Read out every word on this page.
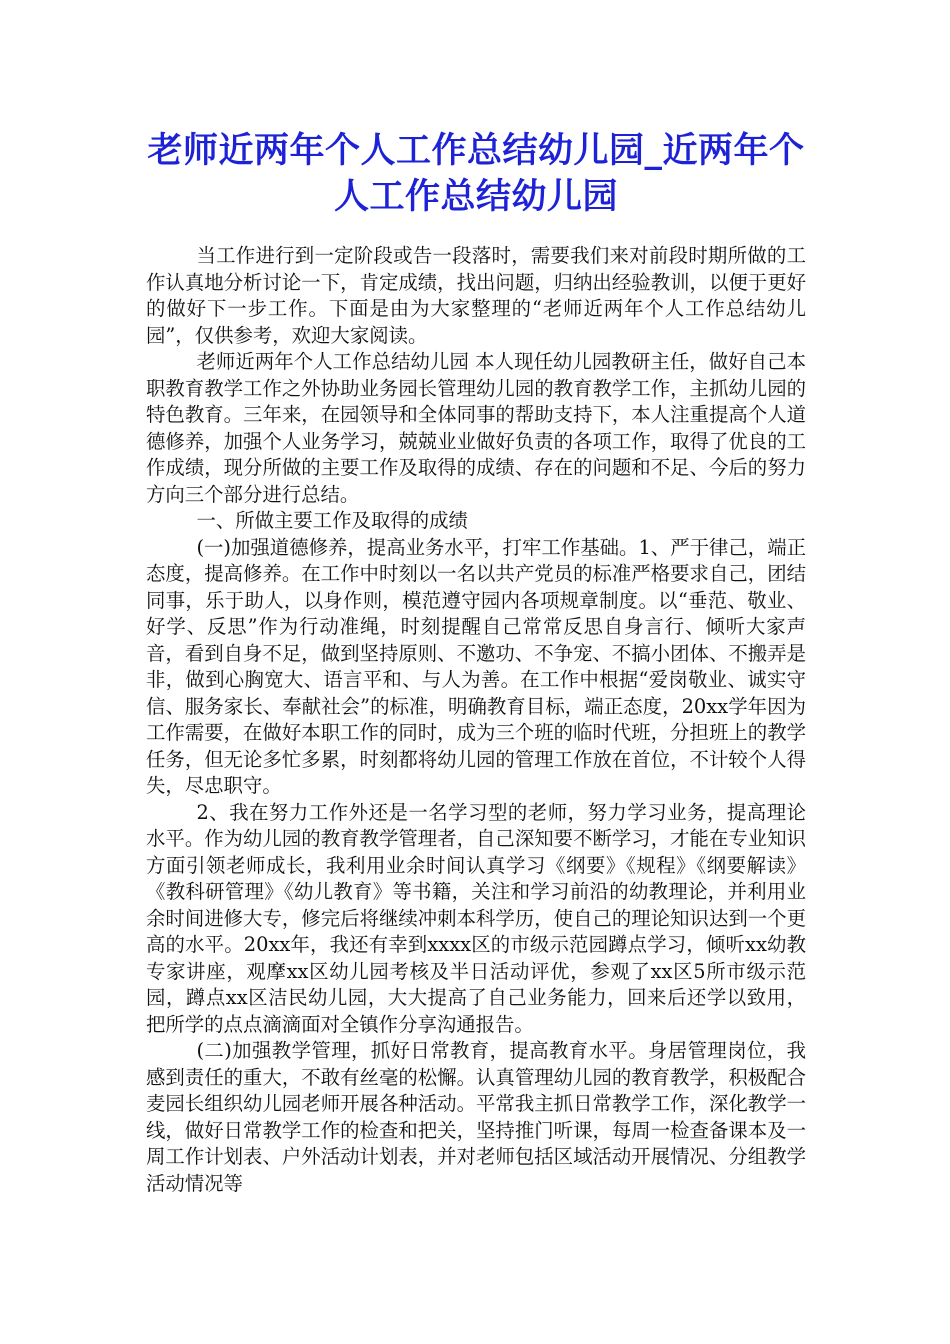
老师近两年个人工作总结幼儿园_近两年个人工作总结幼儿园

当工作进行到一定阶段或告一段落时，需要我们来对前段时期所做的工作认真地分析讨论一下，肯定成绩，找出问题，归纳出经验教训，以便于更好的做好下一步工作。下面是由为大家整理的“老师近两年个人工作总结幼儿园”，仅供参考，欢迎大家阅读。

老师近两年个人工作总结幼儿园 本人现任幼儿园教研主任，做好自己本职教育教学工作之外协助业务园长管理幼儿园的教育教学工作，主抓幼儿园的特色教育。三年来，在园领导和全体同事的帮助支持下，本人注重提高个人道德修养，加强个人业务学习，兢兢业业做好负责的各项工作，取得了优良的工作成绩，现分所做的主要工作及取得的成绩、存在的问题和不足、今后的努力方向三个部分进行总结。

一、所做主要工作及取得的成绩

(一)加强道德修养，提高业务水平，打牢工作基础。1、严于律己，端正态度，提高修养。在工作中时刻以一名以共产党员的标准严格要求自己，团结同事，乐于助人，以身作则，模范遵守园内各项规章制度。以“垂范、敬业、好学、反思”作为行动准绳，时刻提醒自己常常反思自身言行、倾听大家声音，看到自身不足，做到坚持原则、不邀功、不争宠、不搞小团体、不搬弄是非，做到心胸宽大、语言平和、与人为善。在工作中根据“爱岗敬业、诚实守信、服务家长、奉献社会”的标准，明确教育目标，端正态度，20xx学年因为工作需要，在做好本职工作的同时，成为三个班的临时代班，分担班上的教学任务，但无论多忙多累，时刻都将幼儿园的管理工作放在首位，不计较个人得失，尽忠职守。

2、我在努力工作外还是一名学习型的老师，努力学习业务，提高理论水平。作为幼儿园的教育教学管理者，自己深知要不断学习，才能在专业知识方面引领老师成长，我利用业余时间认真学习《纲要》《规程》《纲要解读》《教科研管理》《幼儿教育》等书籍，关注和学习前沿的幼教理论，并利用业余时间进修大专，修完后将继续冲刺本科学历，使自己的理论知识达到一个更高的水平。20xx年，我还有幸到xxxx区的市级示范园蹲点学习，倾听xx幼教专家讲座，观摩xx区幼儿园考核及半日活动评优，参观了xx区5所市级示范园，蹲点xx区洁民幼儿园，大大提高了自己业务能力，回来后还学以致用，把所学的点点滴滴面对全镇作分享沟通报告。

(二)加强教学管理，抓好日常教育，提高教育水平。身居管理岗位，我感到责任的重大，不敢有丝毫的松懈。认真管理幼儿园的教育教学，积极配合麦园长组织幼儿园老师开展各种活动。平常我主抓日常教学工作，深化教学一线，做好日常教学工作的检查和把关，坚持推门听课，每周一检查备课本及一周工作计划表、户外活动计划表，并对老师包括区域活动开展情况、分组教学活动情况等
